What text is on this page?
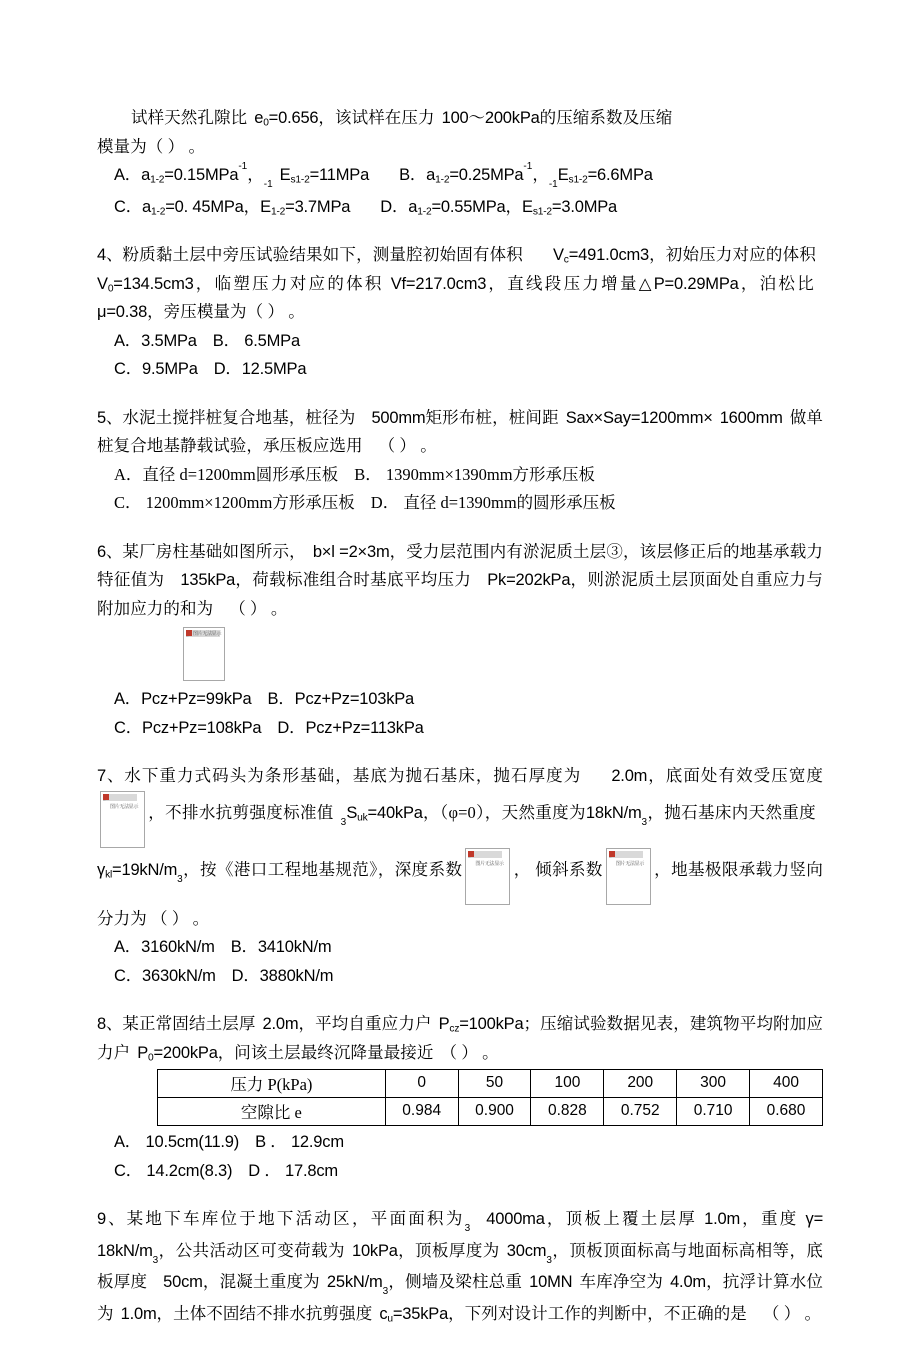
试样天然孔隙比 $e_0=0.656$，该试样在压力 100～200kPa的压缩系数及压缩
模量为（ ） 。
A．$a_{1-2}=0.15MPa^{-1}$，$_{-1}E_{s1-2}=11MPa$ B．$a_{1-2}=0.25MPa^{-1}$，$_{-1}E_{s1-2}=6.6MPa$
C．$a_{1-2}=0$. 45MPa，$E_{1-2}=3.7MPa$ D．$a_{1-2}=0.55MPa$，$E_{s1-2}=3.0MPa$
4、粉质黏土层中旁压试验结果如下，测量腔初始固有体积 $V_c=491.0cm3$，初始压力对应的体积$V_0=134.5cm3$，临塑压力对应的体积 Vf=217.0cm3，直线段压力增量△P=0.29MPa，泊松比μ=0.38，旁压模量为（ ） 。
A．3.5MPa B． 6.5MPa
C．9.5MPa D．12.5MPa
5、水泥土搅拌桩复合地基，桩径为 500mm矩形布桩，桩间距 Sax×Say=1200mm× 1600mm 做单桩复合地基静载试验，承压板应选用 （ ） 。
A．直径 d=1200mm圆形承压板 B． 1390mm×1390mm方形承压板
C． 1200mm×1200mm方形承压板 D． 直径 d=1390mm的圆形承压板
6、某厂房柱基础如图所示， b×l =2×3m，受力层范围内有淤泥质土层③，该层修正后的地基承载力特征值为 135kPa，荷载标准组合时基底平均压力 Pk=202kPa，则淤泥质土层顶面处自重应力与附加应力的和为 （ ） 。
图片无法显示
A．Pcz+Pz=99kPa B．Pcz+Pz=103kPa
C．Pcz+Pz=108kPa D．Pcz+Pz=113kPa
7、水下重力式码头为条形基础，基底为抛石基床，抛石厚度为 2.0m，底面处有效受压宽度
图片无法显示 ，不排水抗剪强度标准值$_3S_{uk}=40kPa$，（φ=0），天然重度为$18kN/m_3$，抛石基床内天然重度$\gamma_{kl}=19kN/m_3$，按《港口工程地基规范》，深度系数	图片无法显示 ， 倾斜系数	图片无法显示 ，地基极限承载力竖向分力为 （ ） 。
A．3160kN/m B．3410kN/m
C．3630kN/m D．3880kN/m
8、某正常固结土层厚 2.0m，平均自重应力户 $P_{cz}=100kPa$；压缩试验数据见表，建筑物平均附加应力户 $P_0=200kPa$，问该土层最终沉降量最接近 （ ） 。
压力 P(kPa)	0	50	100	200	300	400
空隙比 e	0.984	0.900	0.828	0.752	0.710	0.680
A． 10.5cm(11.9) B ． 12.9cm
C． 14.2cm(8.3) D ． 17.8cm
9、某地下车库位于地下活动区，平面面积为$_3$4000ma，顶板上覆土层厚 1.0m，重度 $\gamma= 18kN/m_3$，公共活动区可变荷载为 10kPa，顶板厚度为 $30cm_3$，顶板顶面标高与地面标高相等，底板厚度 50cm，混凝土重度为 $25kN/m_3$，侧墙及梁柱总重 10MN 车库净空为 4.0m，抗浮计算水位为 1.0m，土体不固结不排水抗剪强度 $c_u=35kPa$，下列对设计工作的判断中，不正确的是 （ ） 。
